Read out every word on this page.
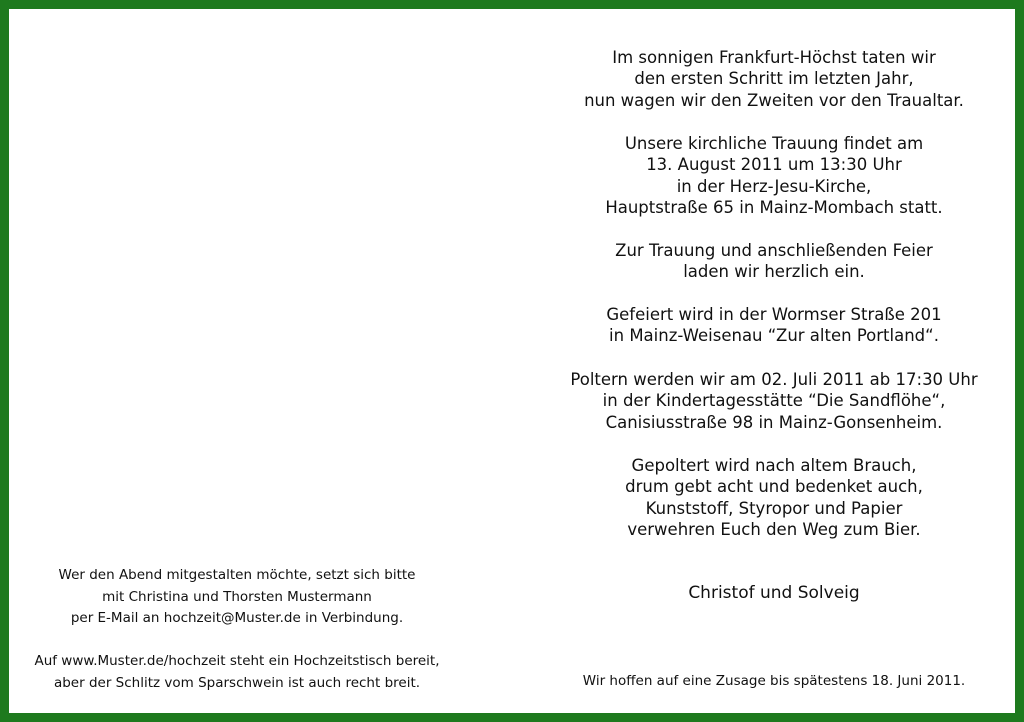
Wer den Abend mitgestalten möchte, setzt sich bitte
mit Christina und Thorsten Mustermann
per E-Mail an hochzeit@Muster.de in Verbindung.
Auf www.Muster.de/hochzeit steht ein Hochzeitstisch bereit,
aber der Schlitz vom Sparschwein ist auch recht breit.
Im sonnigen Frankfurt-Höchst taten wir
den ersten Schritt im letzten Jahr,
nun wagen wir den Zweiten vor den Traualtar.
Unsere kirchliche Trauung findet am
13. August 2011 um 13:30 Uhr
in der Herz-Jesu-Kirche,
Hauptstraße 65 in Mainz-Mombach statt.
Zur Trauung und anschließenden Feier
laden wir herzlich ein.
Gefeiert wird in der Wormser Straße 201
in Mainz-Weisenau “Zur alten Portland“.
Poltern werden wir am 02. Juli 2011 ab 17:30 Uhr
in der Kindertagesstätte “Die Sandflöhe“,
Canisiusstraße 98 in Mainz-Gonsenheim.
Gepoltert wird nach altem Brauch,
drum gebt acht und bedenket auch,
Kunststoff, Styropor und Papier
verwehren Euch den Weg zum Bier.
Christof und Solveig
Wir hoffen auf eine Zusage bis spätestens 18. Juni 2011.
